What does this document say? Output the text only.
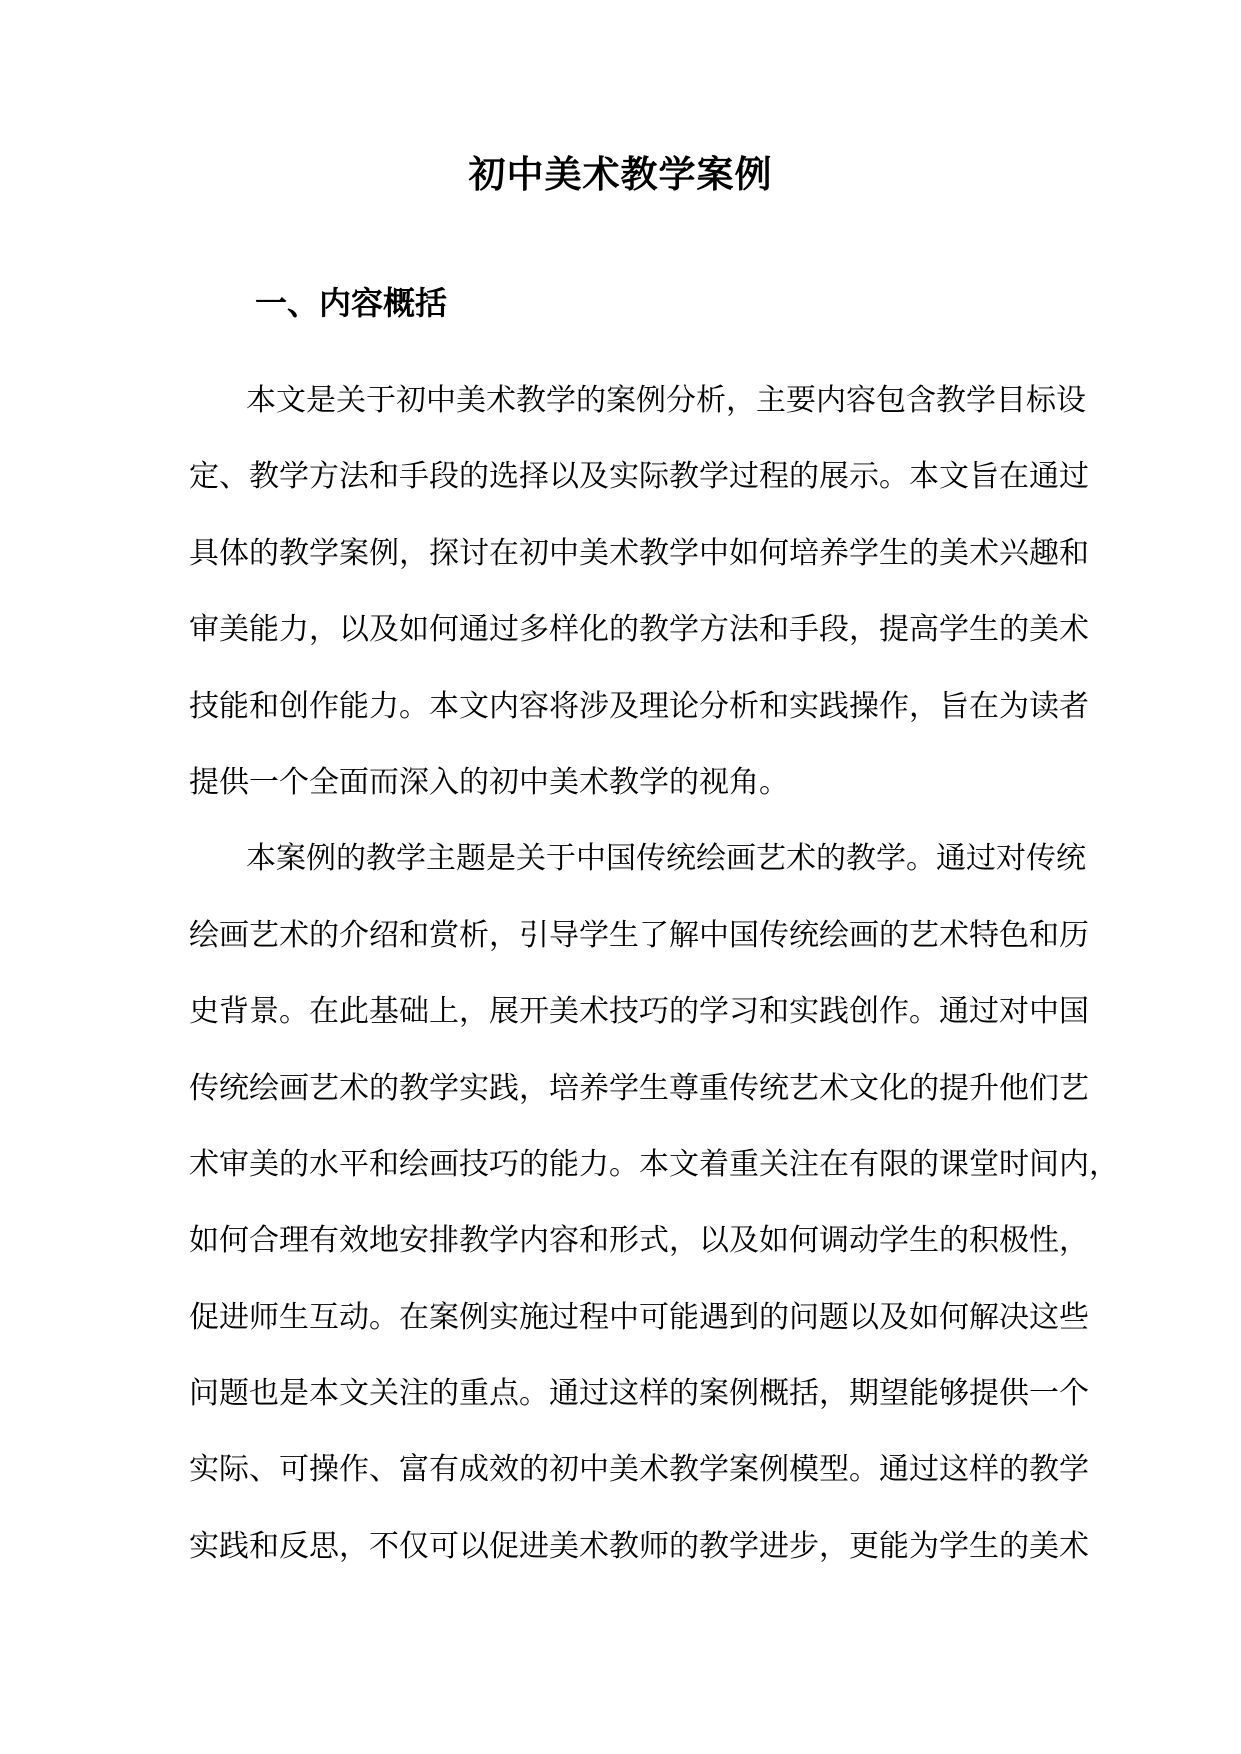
初中美术教学案例
一、内容概括
本文是关于初中美术教学的案例分析，主要内容包含教学目标设
定、教学方法和手段的选择以及实际教学过程的展示。本文旨在通过
具体的教学案例，探讨在初中美术教学中如何培养学生的美术兴趣和
审美能力，以及如何通过多样化的教学方法和手段，提高学生的美术
技能和创作能力。本文内容将涉及理论分析和实践操作，旨在为读者
提供一个全面而深入的初中美术教学的视角。
本案例的教学主题是关于中国传统绘画艺术的教学。通过对传统
绘画艺术的介绍和赏析，引导学生了解中国传统绘画的艺术特色和历
史背景。在此基础上，展开美术技巧的学习和实践创作。通过对中国
传统绘画艺术的教学实践，培养学生尊重传统艺术文化的提升他们艺
术审美的水平和绘画技巧的能力。本文着重关注在有限的课堂时间内，
如何合理有效地安排教学内容和形式，以及如何调动学生的积极性，
促进师生互动。在案例实施过程中可能遇到的问题以及如何解决这些
问题也是本文关注的重点。通过这样的案例概括，期望能够提供一个
实际、可操作、富有成效的初中美术教学案例模型。通过这样的教学
实践和反思，不仅可以促进美术教师的教学进步，更能为学生的美术
